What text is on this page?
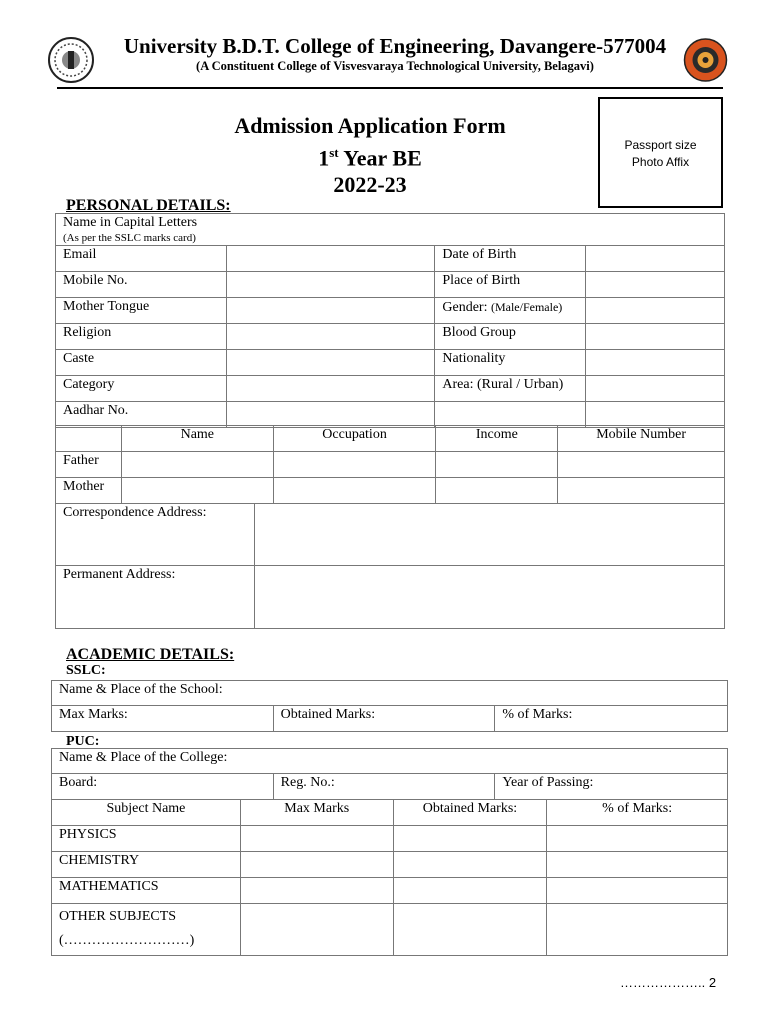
University B.D.T. College of Engineering, Davangere-577004
(A Constituent College of Visvesvaraya Technological University, Belagavi)
Admission Application Form
1st Year BE
2022-23
Passport size
Photo Affix
PERSONAL DETAILS:
Name in Capital Letters
(As per the SSLC marks card)			

Email		Date of Birth	
Mobile No.		Place of Birth	
Mother Tongue		Gender: (Male/Female)	
Religion		Blood Group	
Caste		Nationality	
Category		Area: (Rural / Urban)	
Aadhar No.			
	Name	Occupation	Income	Mobile Number
Father				
Mother				
Correspondence Address:	
Permanent Address:	
ACADEMIC DETAILS:
SSLC:
Name & Place of the School:
Max Marks:	Obtained Marks:	% of Marks:
PUC:
Name & Place of the College:
Board:	Reg. No.:	Year of Passing:
Subject Name	Max Marks	Obtained Marks:	% of Marks:
PHYSICS			
CHEMISTRY			
MATHEMATICS			

OTHER SUBJECTS
(………………………)			

……………….. 2
